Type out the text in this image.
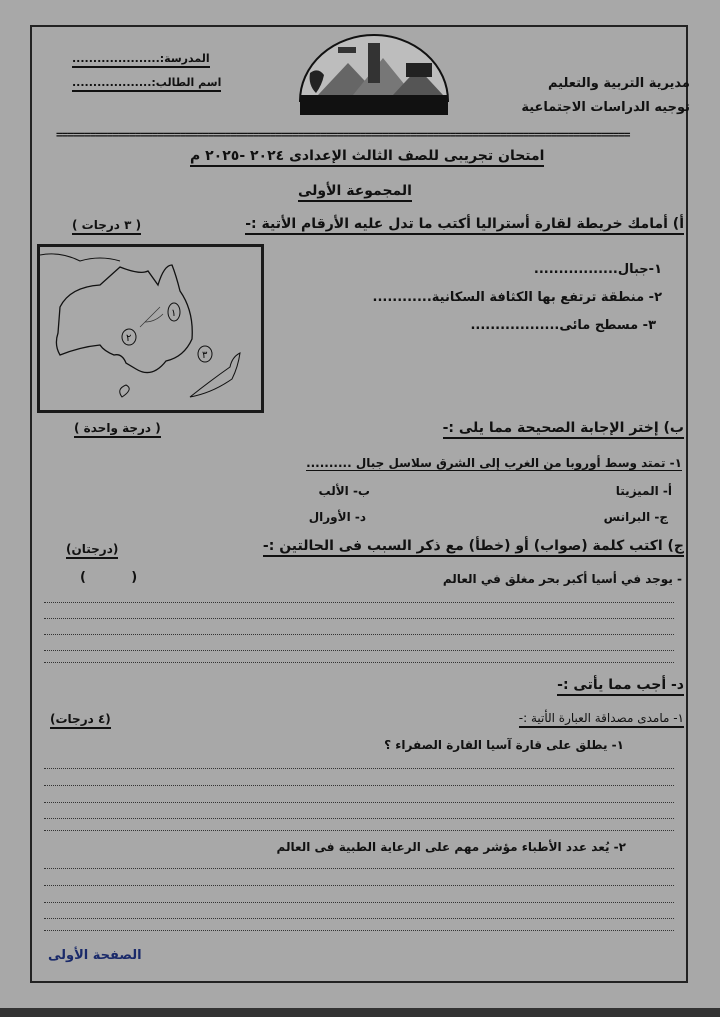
مديرية التربية والتعليم
توجيه الدراسات الاجتماعية
المدرسة:.....................
اسم الطالب:...................
======================================================================================================
امتحان تجريبى للصف الثالث الإعدادى ٢٠٢٤ -٢٠٢٥ م
المجموعة الأولى
أ) أمامك خريطة لقارة أستراليا أكتب ما تدل عليه الأرقام الأتية :-
( ٣ درجات )
١
٢
٣
١-جبال.................
٢- منطقة ترتفع بها الكثافة السكانية............
٣- مسطح مائى..................
ب) إختر الإجابة الصحيحة مما يلى :-
( درجة واحدة )
١- تمتد وسط أوروبا من الغرب إلى الشرق سلاسل جبال ..........
أ- الميزيتا
ب- الألب
ج- البرانس
د- الأورال
ج) اكتب كلمة (صواب) أو (خطأ) مع ذكر السبب فى الحالتين :-
(درجتان)
- يوجد في أسيا أكبر بحر مغلق في العالم
(          )
د- أجب مما يأتى :-
(٤ درجات)	١- مامدى مصداقة العبارة الأتية :-
١- يطلق على قارة آسيا القارة الصفراء ؟
٢- يُعد عدد الأطباء مؤشر مهم على الرعاية الطبية فى العالم
الصفحة الأولى
